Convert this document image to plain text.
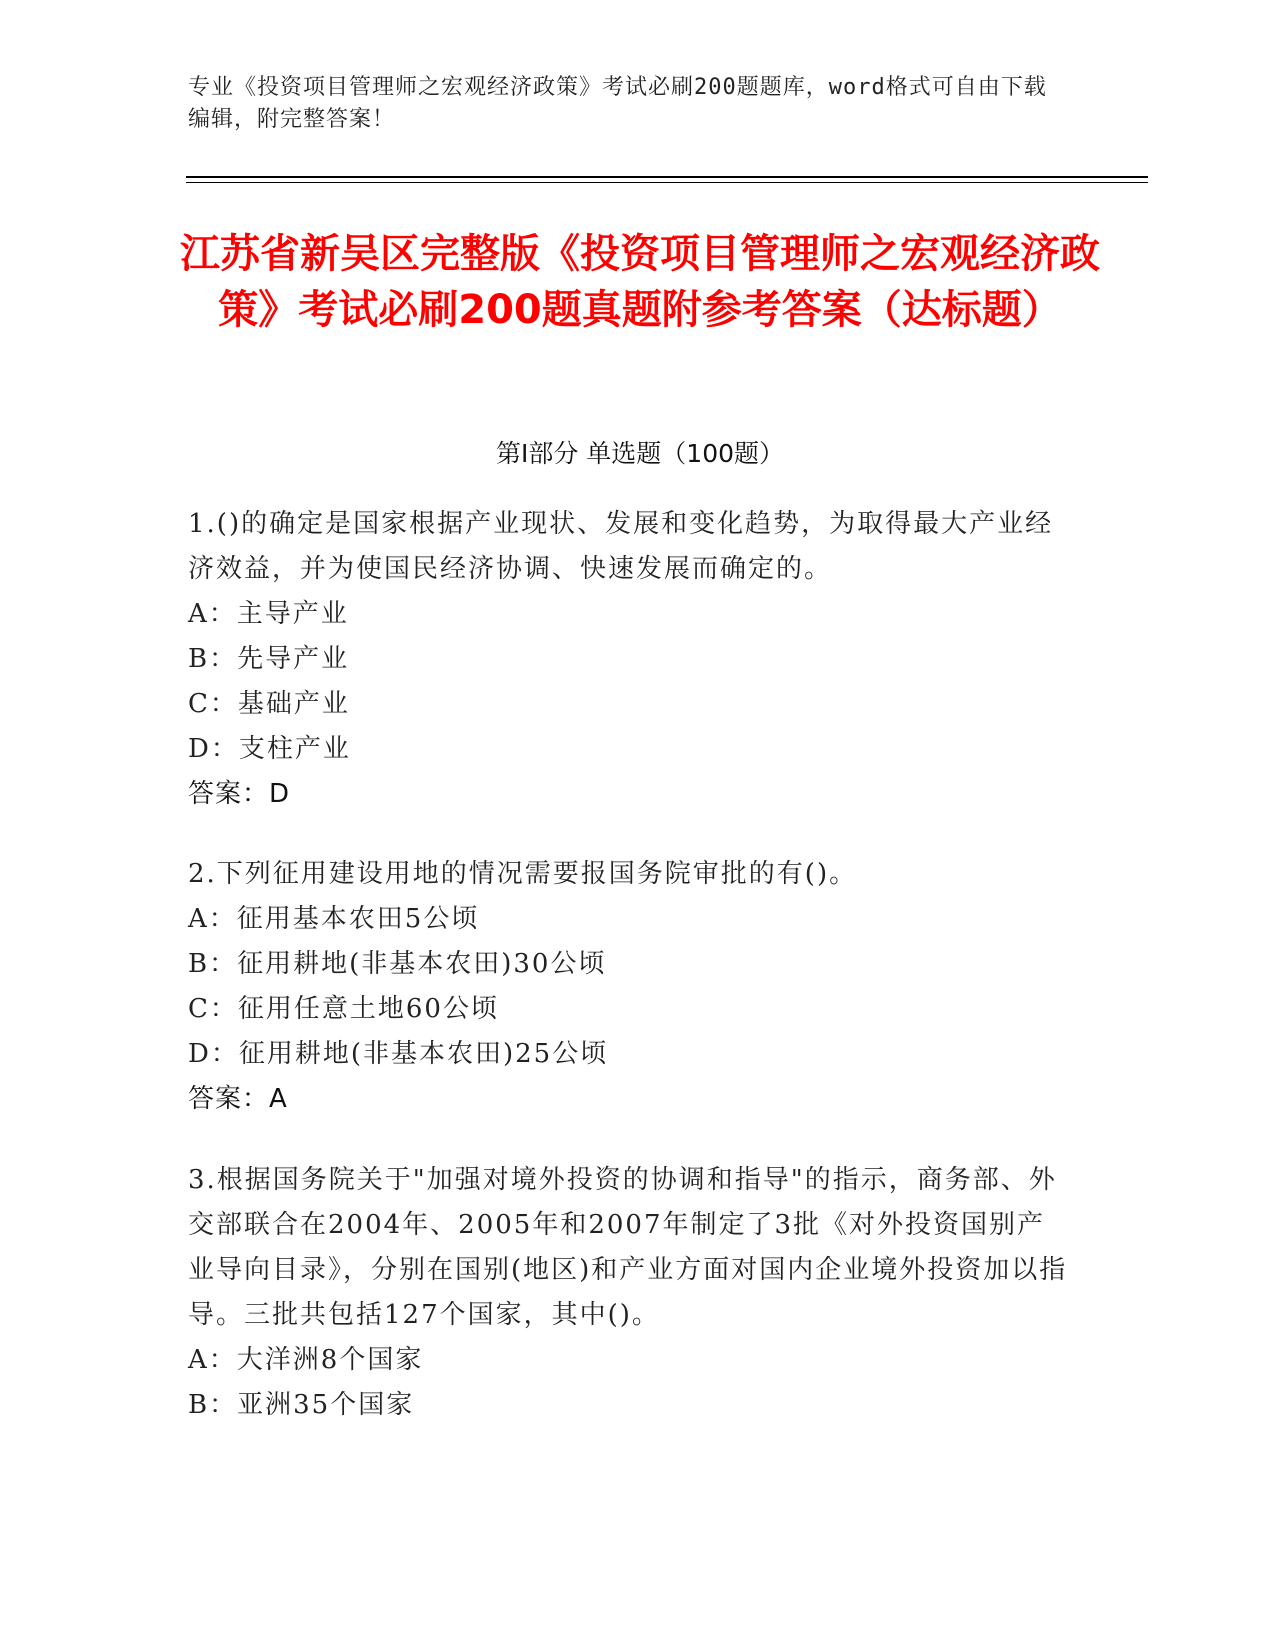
专业《投资项目管理师之宏观经济政策》考试必刷200题题库，word格式可自由下载编辑，附完整答案！
江苏省新吴区完整版《投资项目管理师之宏观经济政策》考试必刷200题真题附参考答案（达标题）
第I部分 单选题（100题）

1.()的确定是国家根据产业现状、发展和变化趋势，为取得最大产业经济效益，并为使国民经济协调、快速发展而确定的。

A：主导产业

B：先导产业

C：基础产业

D：支柱产业

答案：D

2.下列征用建设用地的情况需要报国务院审批的有()。

A：征用基本农田5公顷

B：征用耕地(非基本农田)30公顷

C：征用任意土地60公顷

D：征用耕地(非基本农田)25公顷

答案：A

3.根据国务院关于"加强对境外投资的协调和指导"的指示，商务部、外交部联合在2004年、2005年和2007年制定了3批《对外投资国别产业导向目录》，分别在国别(地区)和产业方面对国内企业境外投资加以指导。三批共包括127个国家，其中()。

A：大洋洲8个国家

B：亚洲35个国家
